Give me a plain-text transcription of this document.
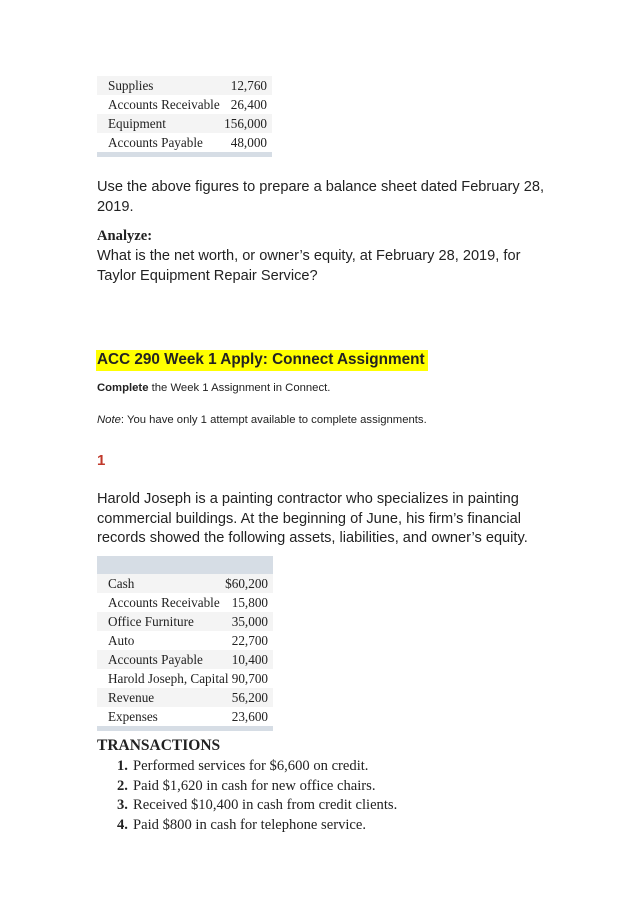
Supplies	12,760
Accounts Receivable 26,400
Equipment	156,000
Accounts Payable 48,000
Use the above figures to prepare a balance sheet dated February 28, 2019.
Analyze:
What is the net worth, or owner’s equity, at February 28, 2019, for Taylor Equipment Repair Service?
ACC 290 Week 1 Apply: Connect Assignment
Complete the Week 1 Assignment in Connect.
Note: You have only 1 attempt available to complete assignments.
1
Harold Joseph is a painting contractor who specializes in painting commercial buildings. At the beginning of June, his firm’s financial records showed the following assets, liabilities, and owner’s equity.
Cash	$60,200
Accounts Receivable 15,800
Office Furniture	35,000
Auto	22,700
Accounts Payable 10,400
Harold Joseph, Capital 90,700
Revenue	56,200
Expenses	23,600
TRANSACTIONS
1. Performed services for $6,600 on credit.
2. Paid $1,620 in cash for new office chairs.
3. Received $10,400 in cash from credit clients.
4. Paid $800 in cash for telephone service.
